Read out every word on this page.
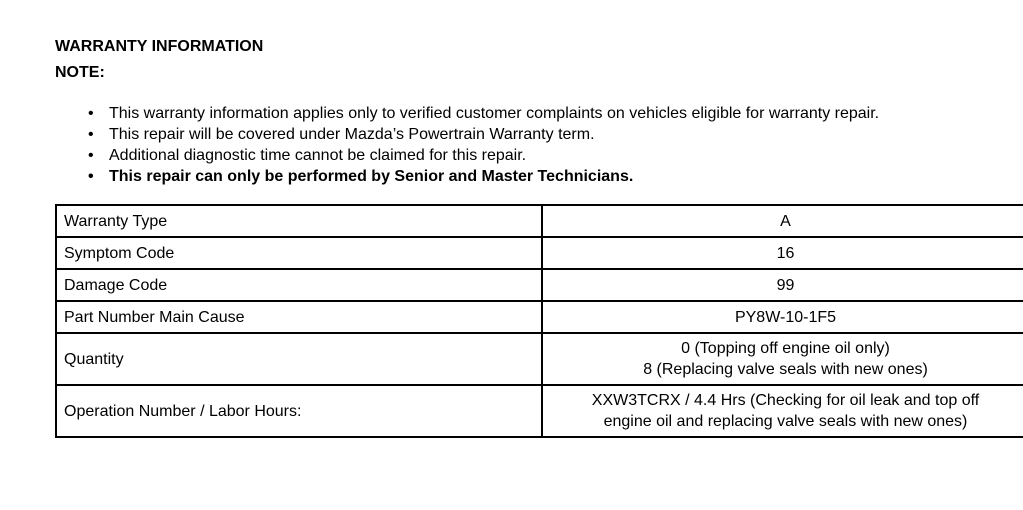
WARRANTY INFORMATION
NOTE:
• This warranty information applies only to verified customer complaints on vehicles eligible for warranty repair.
• This repair will be covered under Mazda’s Powertrain Warranty term.
• Additional diagnostic time cannot be claimed for this repair.
• This repair can only be performed by Senior and Master Technicians.
Warranty Type	A

Symptom Code	16

Damage Code	99

Part Number Main Cause	PY8W-10-1F5

Quantity	0 (Topping off engine oil only)
8 (Replacing valve seals with new ones)

Operation Number / Labor Hours:	XXW3TCRX / 4.4 Hrs (Checking for oil leak and top off
engine oil and replacing valve seals with new ones)
